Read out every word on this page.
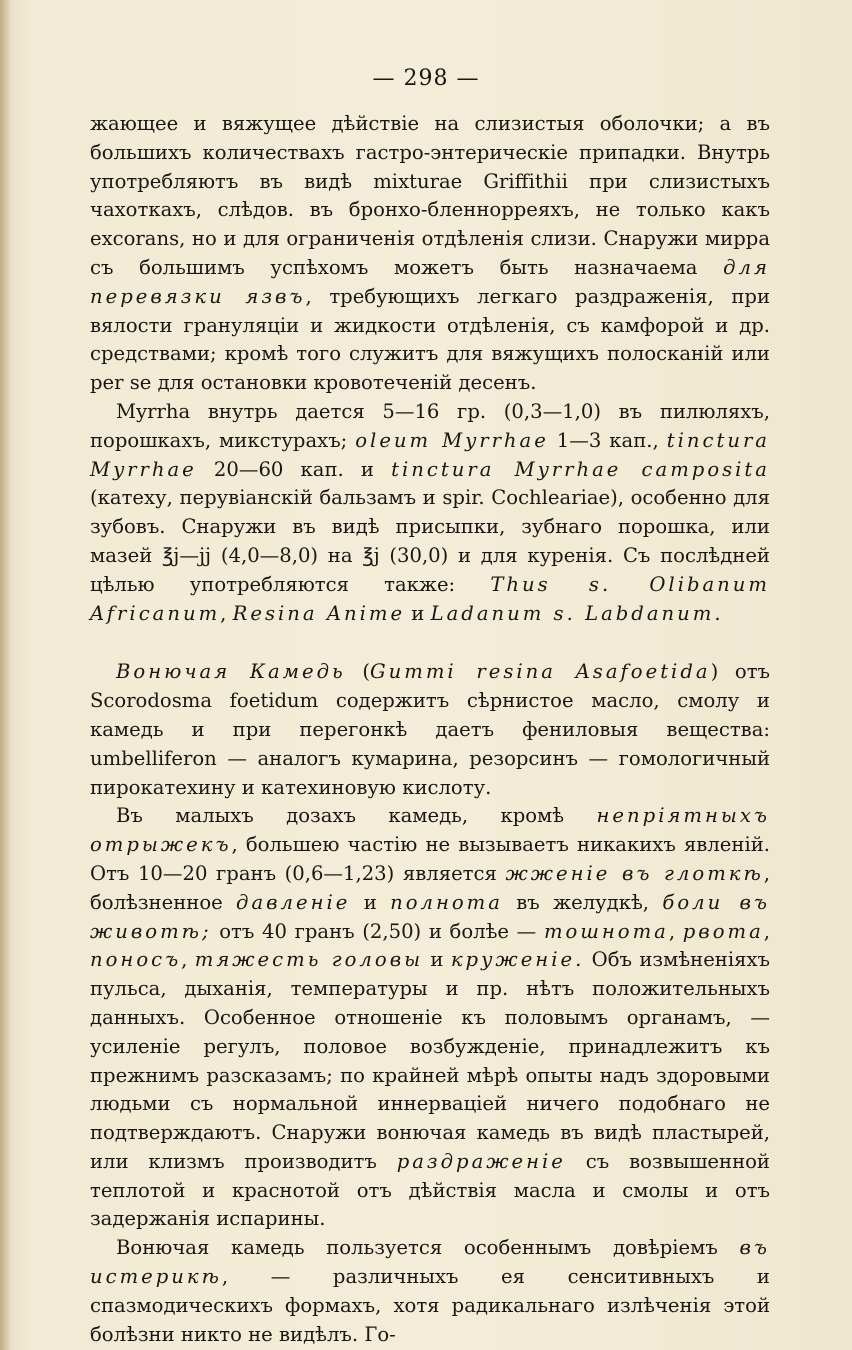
— 298 —

жающее и вяжущее дѣйствіе на слизистыя оболочки; а въ большихъ количествахъ гастро-энтерическіе припадки. Внутрь употребляютъ въ видѣ mixturae Griffithii при слизистыхъ чахоткахъ, слѣдов. въ бронхо-бленнорреяхъ, не только какъ excorans, но и для ограниченія отдѣленія слизи. Снаружи мирра съ большимъ успѣхомъ можетъ быть назначаема для перевязки язвъ, требующихъ легкаго раздраженія, при вялости грануляціи и жидкости отдѣленія, съ камфорой и др. средствами; кромѣ того служитъ для вяжущихъ полосканій или per se для остановки кровотеченій десенъ.

Myrrha внутрь дается 5—16 гр. (0,3—1,0) въ пилюляхъ, порошкахъ, микстурахъ; oleum Myrrhae 1—3 кап., tinctura Myrrhae 20—60 кап. и tinctura Myrrhae camposita (катеху, перувіанскій бальзамъ и spir. Cochleariae), особенно для зубовъ. Снаружи въ видѣ присыпки, зубнаго порошка, или мазей ℥j—jj (4,0—8,0) на ℥j (30,0) и для куренія. Съ послѣдней цѣлью употребляются также: Thus s. Olibanum Africanum, Resina Anime и Ladanum s. Labdanum.

Вонючая Камедь (Gummi resina Asafoetida) отъ Scorodosma foetidum содержитъ сѣрнистое масло, смолу и камедь и при перегонкѣ даетъ фениловыя вещества: umbelliferon — аналогъ кумарина, резорсинъ — гомологичный пирокатехину и катехиновую кислоту.

Въ малыхъ дозахъ камедь, кромѣ непріятныхъ отрыжекъ, большею частію не вызываетъ никакихъ явленій. Отъ 10—20 гранъ (0,6—1,23) является жженіе въ глоткѣ, болѣзненное давленіе и полнота въ желудкѣ, боли въ животѣ; отъ 40 гранъ (2,50) и болѣе — тошнота, рвота, поносъ, тяжесть головы и круженіе. Объ измѣненіяхъ пульса, дыханія, температуры и пр. нѣтъ положительныхъ данныхъ. Особенное отношеніе къ половымъ органамъ, — усиленіе регулъ, половое возбужденіе, принадлежитъ къ прежнимъ разсказамъ; по крайней мѣрѣ опыты надъ здоровыми людьми съ нормальной иннерваціей ничего подобнаго не подтверждаютъ. Снаружи вонючая камедь въ видѣ пластырей, или клизмъ производитъ раздраженіе съ возвышенной теплотой и краснотой отъ дѣйствія масла и смолы и отъ задержанія испарины.

Вонючая камедь пользуется особеннымъ довѣріемъ въ истерикѣ, — различныхъ ея сенситивныхъ и спазмодическихъ формахъ, хотя радикальнаго излѣченія этой болѣзни никто не видѣлъ. Го-
